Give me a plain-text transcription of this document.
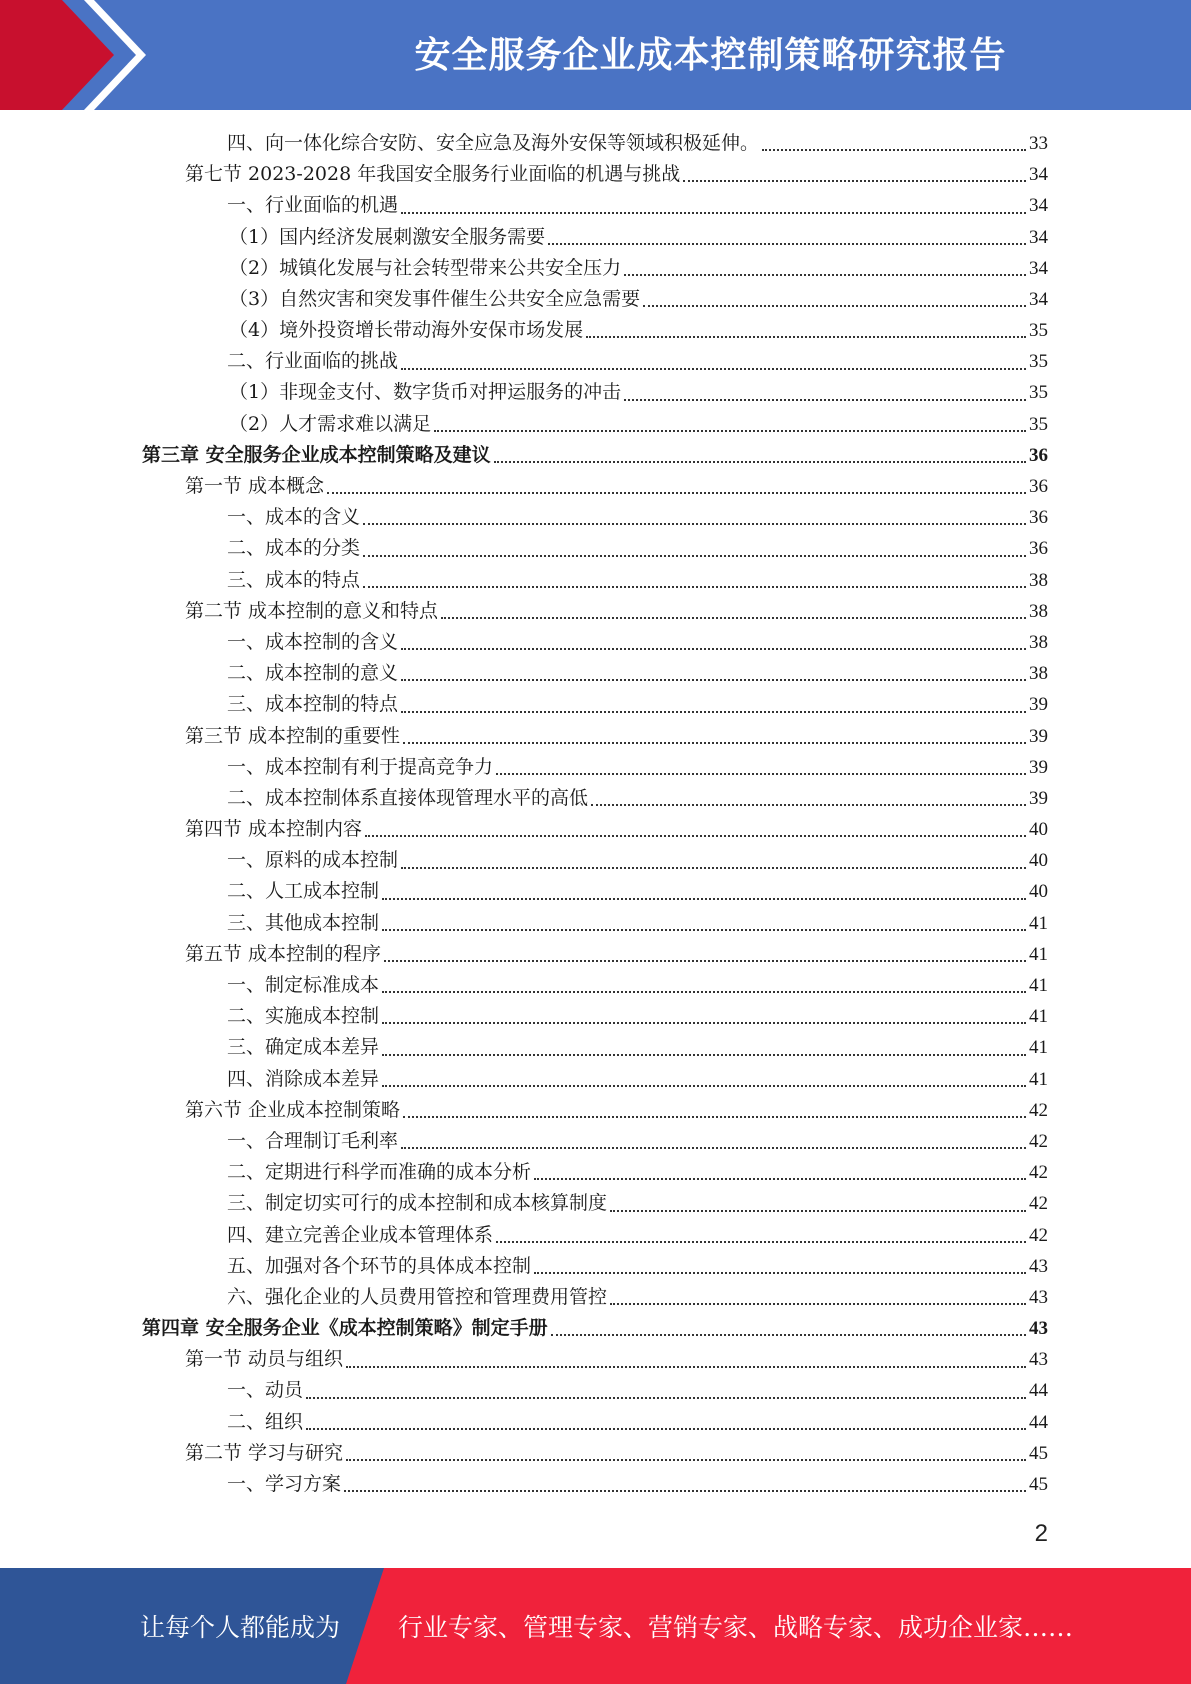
安全服务企业成本控制策略研究报告
四、向一体化综合安防、安全应急及海外安保等领域积极延伸。	33
第七节 2023-2028 年我国安全服务行业面临的机遇与挑战	34
一、行业面临的机遇	34
（1）国内经济发展刺激安全服务需要	34
（2）城镇化发展与社会转型带来公共安全压力	34
（3）自然灾害和突发事件催生公共安全应急需要	34
（4）境外投资增长带动海外安保市场发展	35
二、行业面临的挑战	35
（1）非现金支付、数字货币对押运服务的冲击	35
（2）人才需求难以满足	35
第三章 安全服务企业成本控制策略及建议	36
第一节 成本概念	36
一、成本的含义	36
二、成本的分类	36
三、成本的特点	38
第二节 成本控制的意义和特点	38
一、成本控制的含义	38
二、成本控制的意义	38
三、成本控制的特点	39
第三节 成本控制的重要性	39
一、成本控制有利于提高竞争力	39
二、成本控制体系直接体现管理水平的高低	39
第四节 成本控制内容	40
一、原料的成本控制	40
二、人工成本控制	40
三、其他成本控制	41
第五节 成本控制的程序	41
一、制定标准成本	41
二、实施成本控制	41
三、确定成本差异	41
四、消除成本差异	41
第六节 企业成本控制策略	42
一、合理制订毛利率	42
二、定期进行科学而准确的成本分析	42
三、制定切实可行的成本控制和成本核算制度	42
四、建立完善企业成本管理体系	42
五、加强对各个环节的具体成本控制	43
六、强化企业的人员费用管控和管理费用管控	43
第四章 安全服务企业《成本控制策略》制定手册	43
第一节 动员与组织	43
一、动员	44
二、组织	44
第二节 学习与研究	45
一、学习方案	45
2
让每个人都能成为 行业专家、管理专家、营销专家、战略专家、成功企业家……
